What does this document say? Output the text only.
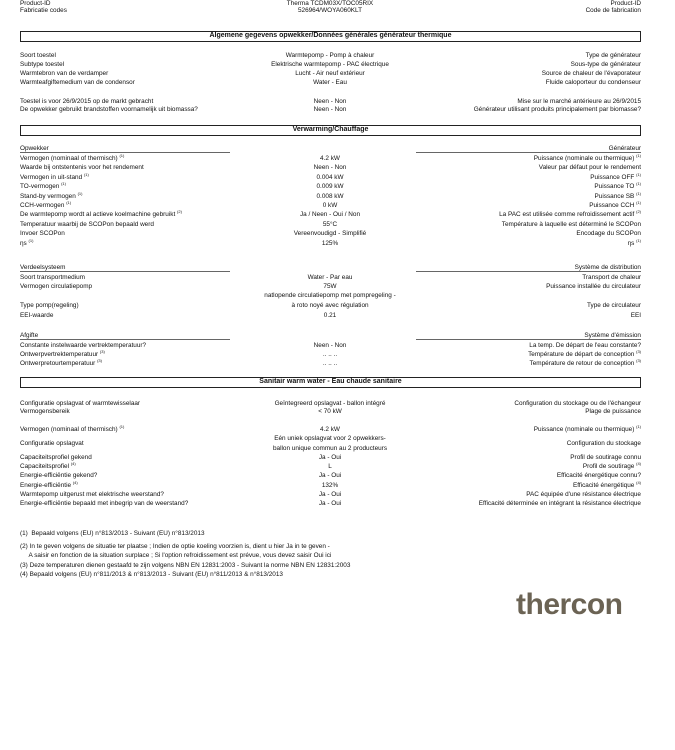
Product-ID
Fabricatie codes
Therma TCDM03X/TOC05RIX
526964/WOYA060KLT
Product-ID
Code de fabrication
Algemene gegevens opwekker/Données générales générateur thermique
Soort toestel	Warmtepomp - Pomp à chaleur	Type de générateur
Subtype toestel	Elektrische warmtepomp - PAC électrique	Sous-type de générateur
Warmtebron van de verdamper	Lucht - Air neuf extérieur	Source de chaleur de l'évaporateur
Warmteafgiftemedium van de condensor	Water - Eau	Fluide caloporteur du condenseur
Toestel is voor 26/9/2015 op de markt gebracht	Neen - Non	Mise sur le marché antérieure au 26/9/2015
De opwekker gebruikt brandstoffen voornamelijk uit biomassa?	Neen - Non	Générateur utilisant produits principalement par biomasse?
Verwarming/Chauffage
Opwekker	Générateur
Vermogen (nominaal of thermisch) $^{(1)}$	4.2 kW	Puissance (nominale ou thermique) $^{(1)}$
Waarde bij ontstentenis voor het rendement	Neen - Non	Valeur par défaut pour le rendement
Vermogen in uit-stand $^{(1)}$	0.004 kW	Puissance OFF $^{(1)}$
TO-vermogen $^{(1)}$	0.009 kW	Puissance TO $^{(1)}$
Stand-by vermogen $^{(1)}$	0.008 kW	Puissance SB $^{(1)}$
CCH-vermogen $^{(1)}$	0 kW	Puissance CCH $^{(1)}$
De warmtepomp wordt al actieve koelmachine gebruikt $^{(2)}$	Ja / Neen - Oui / Non	La PAC est utilisée comme refroidissement actif $^{(2)}$
Temperatuur waarbij de SCOPon bepaald werd	55°C	Température à laquelle est déterminé le SCOPon
Invoer SCOPon	Vereenvoudigd - Simplifié	Encodage du SCOPon
ηs $^{(1)}$	125%	ηs $^{(1)}$
Verdeelsysteem	Système de distribution
Soort transportmedium	Water - Par eau	Transport de chaleur
Vermogen circulatiepomp	75W	Puissance installée du circulateur
natlopende circulatiepomp met pompregeling -
Type pomp(regeling)	à roto noyé avec régulation	Type de circulateur
EEI-waarde	0.21	EEI
Afgifte	Système d'émission
Constante instelwaarde vertrektemperatuur?	Neen - Non	La temp. De départ de l'eau constante?
Ontwerpvertrektemperatuur $^{(3)}$	.. .. ..	Température de départ de conception $^{(3)}$
Ontwerpretourtemperatuur $^{(3)}$	.. .. ..	Température de retour de conception $^{(3)}$
Sanitair warm water - Eau chaude sanitaire
Configuratie opslagvat of warmtewisselaar	Geïntegreerd opslagvat - ballon intégré	Configuration du stockage ou de l'échangeur
Vermogensbereik	< 70 kW	Plage de puissance
Vermogen (nominaal of thermisch) $^{(1)}$	4.2 kW	Puissance (nominale ou thermique) $^{(1)}$
Eén uniek opslagvat voor 2 opwekkers-
Configuratie opslagvat	Configuration du stockage
ballon unique commun au 2 producteurs
Capaciteitsprofiel gekend	Ja - Oui	Profil de soutirage connu
Capaciteitsprofiel $^{(4)}$	L	Profil de soutirage $^{(4)}$
Energie-efficiëntie gekend?	Ja - Oui	Efficacité énergétique connu?
Energie-efficiëntie $^{(4)}$	132%	Efficacité énergétique $^{(4)}$
Warmtepomp uitgerust met elektrische weerstand?	Ja - Oui	PAC équipée d'une résistance électrique
Energie-efficiëntie bepaald met inbegrip van de weerstand?	Ja - Oui	Efficacité déterminée en intégrant la résistance électrique
(1)  Bepaald volgens (EU) n°813/2013 - Suivant (EU) n°813/2013
(2) In te geven volgens de situatie ter plaatse ; Indien de optie koeling voorzien is, dient u hier Ja in te geven -
A saisir en fonction de la situation surplace ; Si l'option refroidissement est prévue, vous devez saisir Oui ici
(3) Deze temperaturen dienen gestaafd te zijn volgens NBN EN 12831:2003 - Suivant la norme NBN EN 12831:2003
(4) Bepaald volgens (EU) n°811/2013 & n°813/2013 - Suivant (EU) n°811/2013 & n°813/2013
thercon
